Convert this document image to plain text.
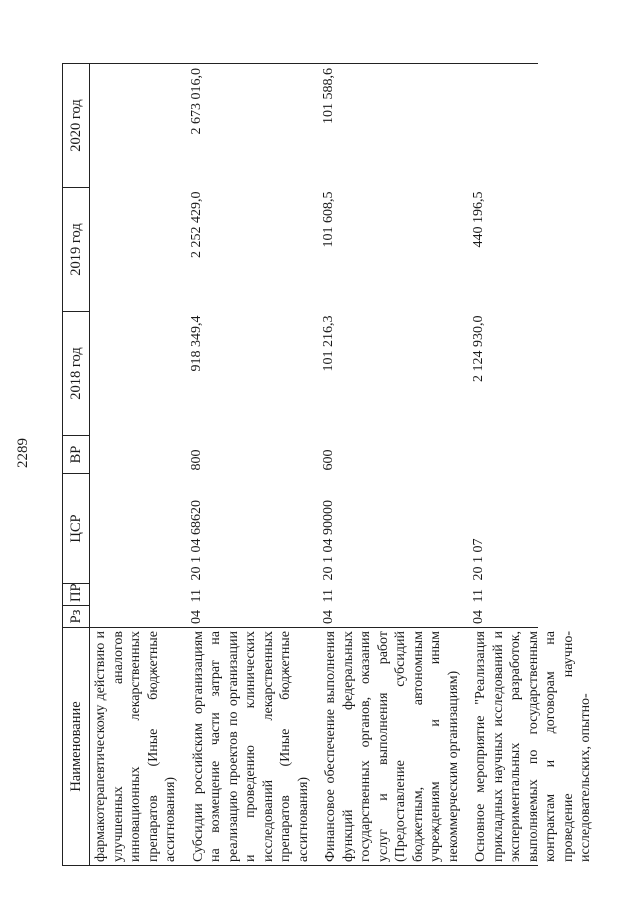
2289
Наименование	Рз	ПР	ЦСР	ВР	2018 год	2019 год	2020 год
фармакотерапевтическому действию и улучшенных аналогов инновационных лекарственных препаратов (Иные бюджетные ассигнования)							
Субсидии российским организациям на возмещение части затрат на реализацию проектов по организации и проведению клинических исследований лекарственных препаратов (Иные бюджетные ассигнования)	04	11	20 1 04 68620	800	918 349,4	2 252 429,0	2 673 016,0
Финансовое обеспечение выполнения функций федеральных государственных органов, оказания услуг и выполнения работ (Предоставление субсидий бюджетным, автономным учреждениям и иным некоммерческим организациям)	04	11	20 1 04 90000	600	101 216,3	101 608,5	101 588,6

Основное мероприятие "Реализация прикладных научных исследований и экспериментальных разработок, выполняемых по государственным контрактам и договорам на проведение научно-исследовательских, опытно-	04	11	20 1 07		2 124 930,0	440 196,5	
